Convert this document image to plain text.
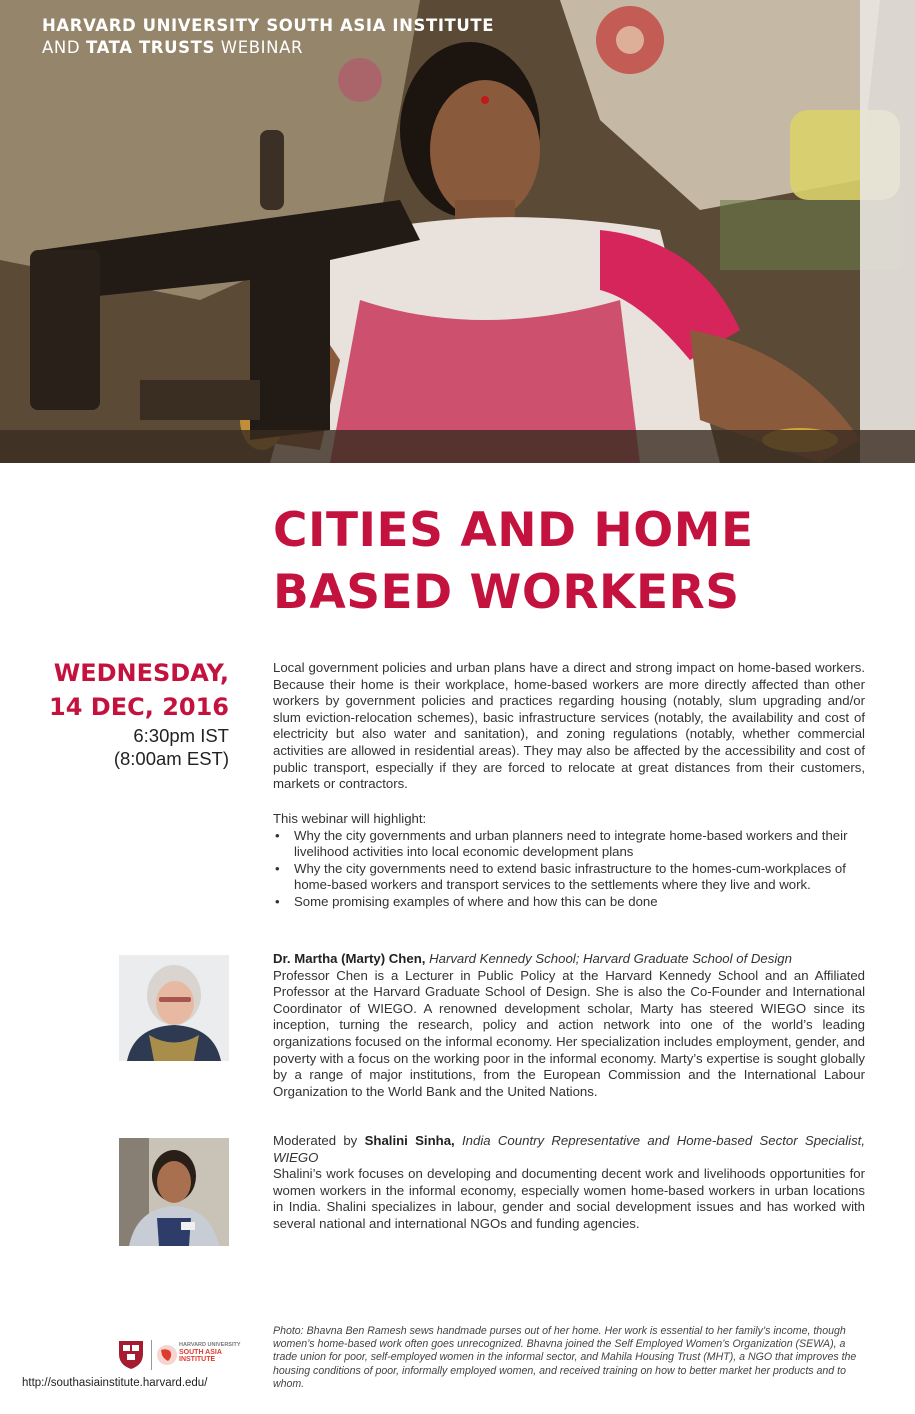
HARVARD UNIVERSITY SOUTH ASIA INSTITUTE
AND TATA TRUSTS WEBINAR
CITIES AND HOME
BASED WORKERS
WEDNESDAY,
14 DEC, 2016
6:30pm IST
(8:00am EST)
Local government policies and urban plans have a direct and strong impact on home-based workers. Because their home is their workplace, home-based workers are more directly affected than other workers by government policies and practices regarding housing (notably, slum upgrading and/or slum eviction-relocation schemes), basic infrastructure services (notably, the availability and cost of electricity but also water and sanitation), and zoning regulations (notably, whether commercial activities are allowed in residential areas). They may also be affected by the accessibility and cost of public transport, especially if they are forced to relocate at great distances from their customers, markets or contractors.
This webinar will highlight:
• Why the city governments and urban planners need to integrate home-based workers and their livelihood activities into local economic development plans
• Why the city governments need to extend basic infrastructure to the homes-cum-workplaces of home-based workers and transport services to the settlements where they live and work.
• Some promising examples of where and how this can be done
Dr. Martha (Marty) Chen, Harvard Kennedy School; Harvard Graduate School of Design
Professor Chen is a Lecturer in Public Policy at the Harvard Kennedy School and an Affiliated Professor at the Harvard Graduate School of Design. She is also the Co-Founder and International Coordinator of WIEGO. A renowned development scholar, Marty has steered WIEGO since its inception, turning the research, policy and action network into one of the world’s leading organizations focused on the informal economy. Her specialization includes employment, gender, and poverty with a focus on the working poor in the informal economy. Marty’s expertise is sought globally by a range of major institutions, from the European Commission and the International Labour Organization to the World Bank and the United Nations.
Moderated by Shalini Sinha, India Country Representative and Home-based Sector Specialist, WIEGO
Shalini’s work focuses on developing and documenting decent work and livelihoods opportunities for women workers in the informal economy, especially women home-based workers in urban locations in India. Shalini specializes in labour, gender and social development issues and has worked with several national and international NGOs and funding agencies.
HARVARD UNIVERSITY
SOUTH ASIA
INSTITUTE
http://southasiainstitute.harvard.edu/
Photo: Bhavna Ben Ramesh sews handmade purses out of her home. Her work is essential to her family’s income, though women’s home-based work often goes unrecognized. Bhavna joined the Self Employed Women’s Organization (SEWA), a trade union for poor, self-employed women in the informal sector, and Mahila Housing Trust (MHT), a NGO that improves the housing conditions of poor, informally employed women, and received training on how to better market her products and to whom.
